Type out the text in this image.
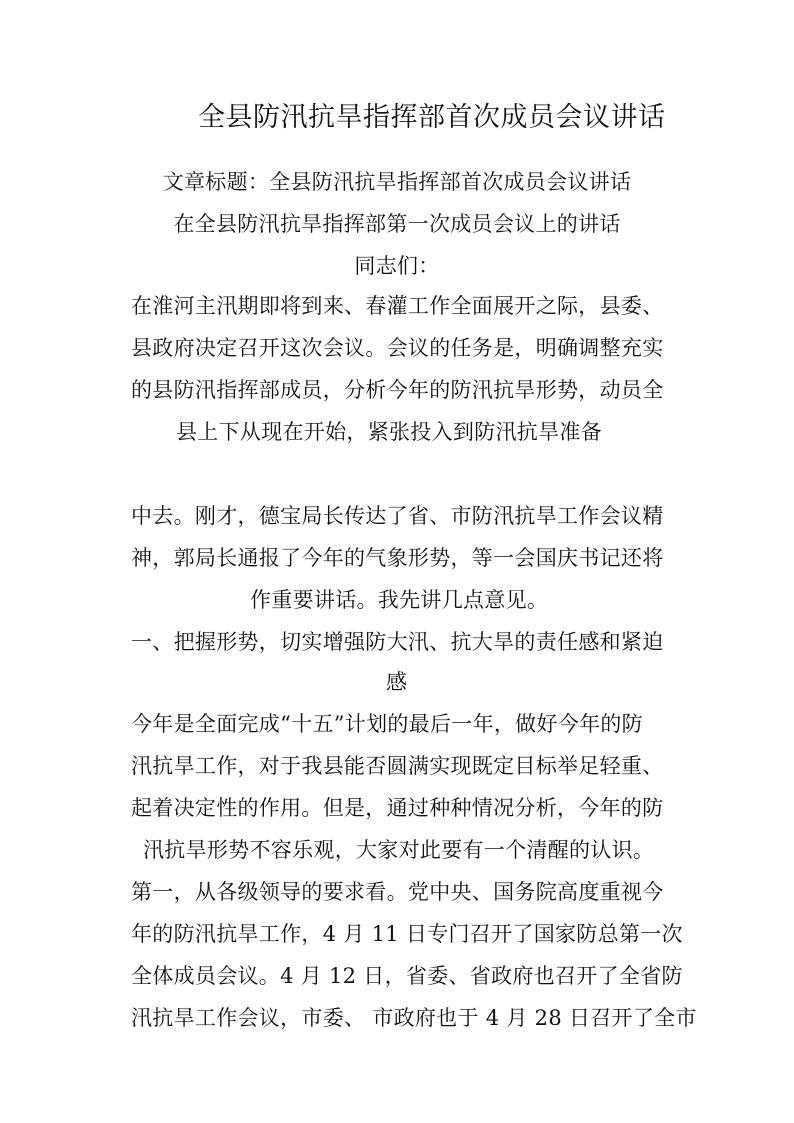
全县防汛抗旱指挥部首次成员会议讲话
文章标题：全县防汛抗旱指挥部首次成员会议讲话
在全县防汛抗旱指挥部第一次成员会议上的讲话
同志们：
在淮河主汛期即将到来、春灌工作全面展开之际，县委、
县政府决定召开这次会议。会议的任务是，明确调整充实
的县防汛指挥部成员，分析今年的防汛抗旱形势，动员全
县上下从现在开始，紧张投入到防汛抗旱准备
中去。刚才，德宝局长传达了省、市防汛抗旱工作会议精
神，郭局长通报了今年的气象形势，等一会国庆书记还将
作重要讲话。我先讲几点意见。
一、把握形势，切实增强防大汛、抗大旱的责任感和紧迫
感
今年是全面完成“十五”计划的最后一年，做好今年的防
汛抗旱工作，对于我县能否圆满实现既定目标举足轻重、
起着决定性的作用。但是，通过种种情况分析，今年的防
汛抗旱形势不容乐观，大家对此要有一个清醒的认识。
第一，从各级领导的要求看。党中央、国务院高度重视今
年的防汛抗旱工作，4 月 11 日专门召开了国家防总第一次
全体成员会议。4 月 12 日，省委、省政府也召开了全省防
汛抗旱工作会议，市委、 市政府也于 4 月 28 日召开了全市
